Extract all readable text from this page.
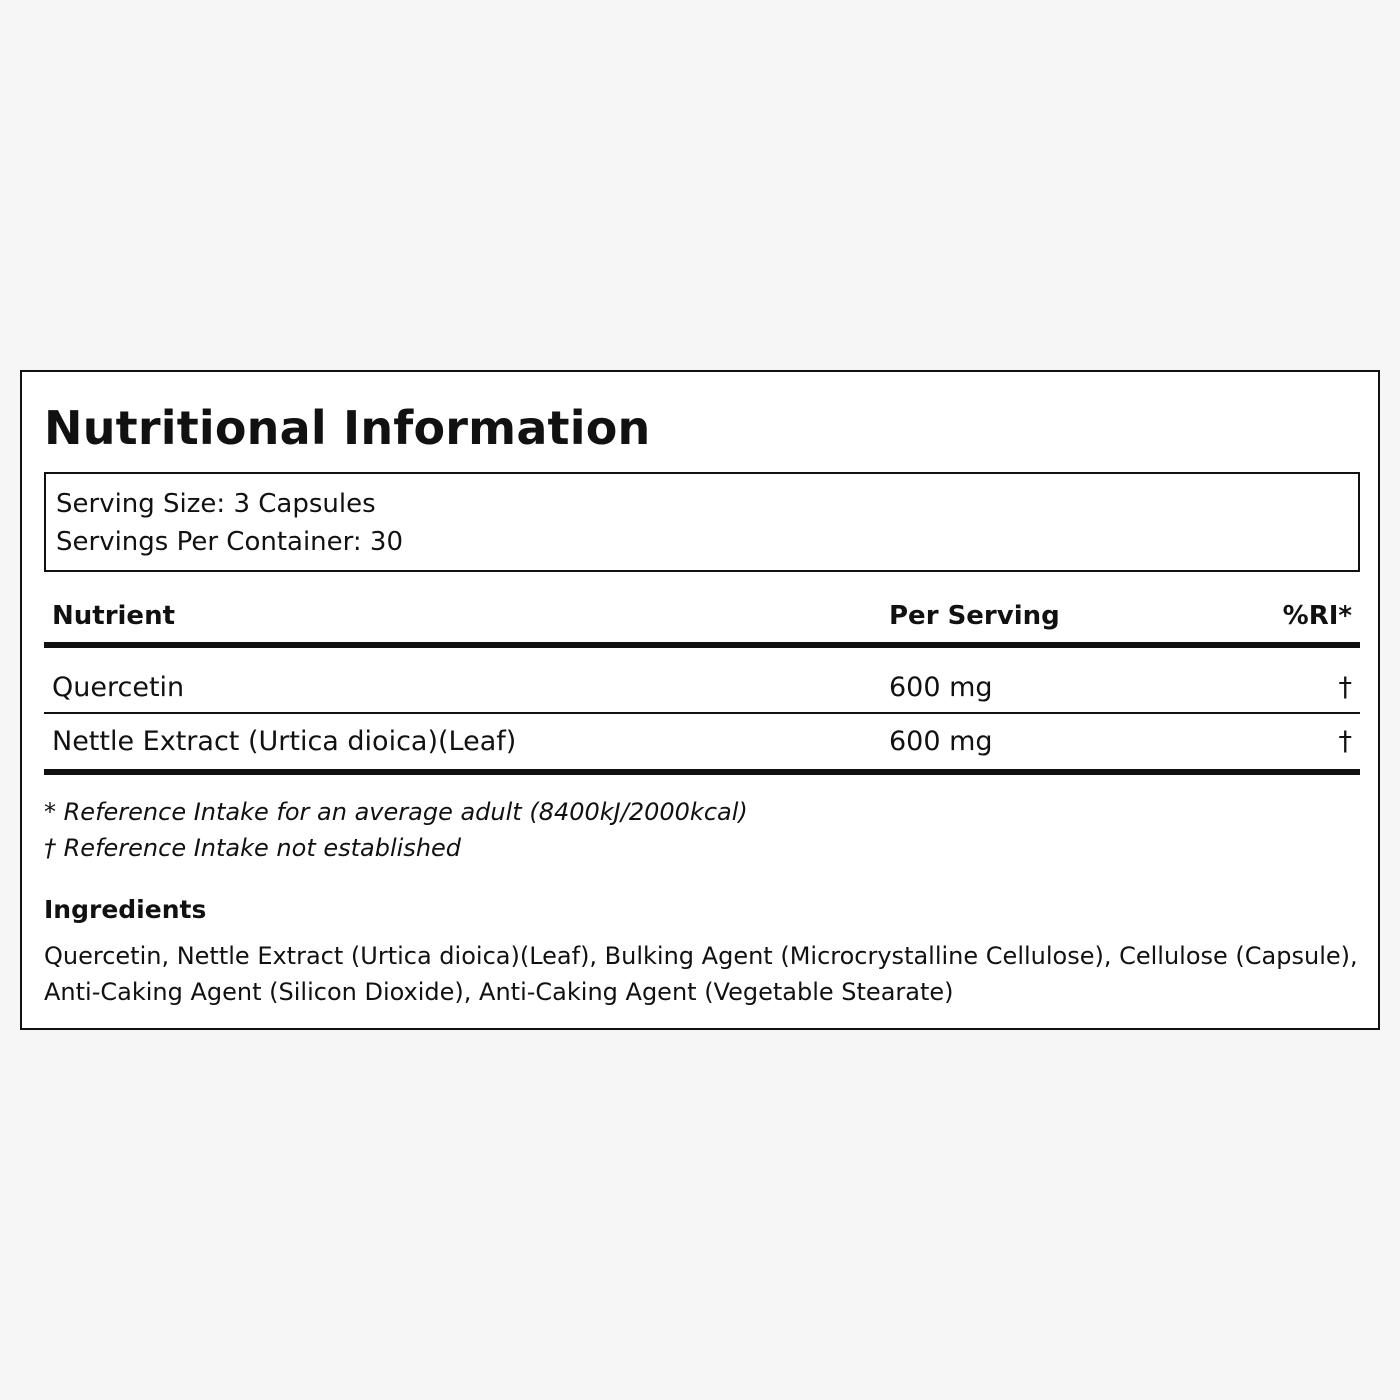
Nutritional Information
Serving Size: 3 Capsules
Servings Per Container: 30
Nutrient	Per Serving	%RI*
Quercetin	600 mg	†
Nettle Extract (Urtica dioica)(Leaf)	600 mg	†
* Reference Intake for an average adult (8400kJ/2000kcal)
† Reference Intake not established
Ingredients
Quercetin, Nettle Extract (Urtica dioica)(Leaf), Bulking Agent (Microcrystalline Cellulose), Cellulose (Capsule), Anti-Caking Agent (Silicon Dioxide), Anti-Caking Agent (Vegetable Stearate)
